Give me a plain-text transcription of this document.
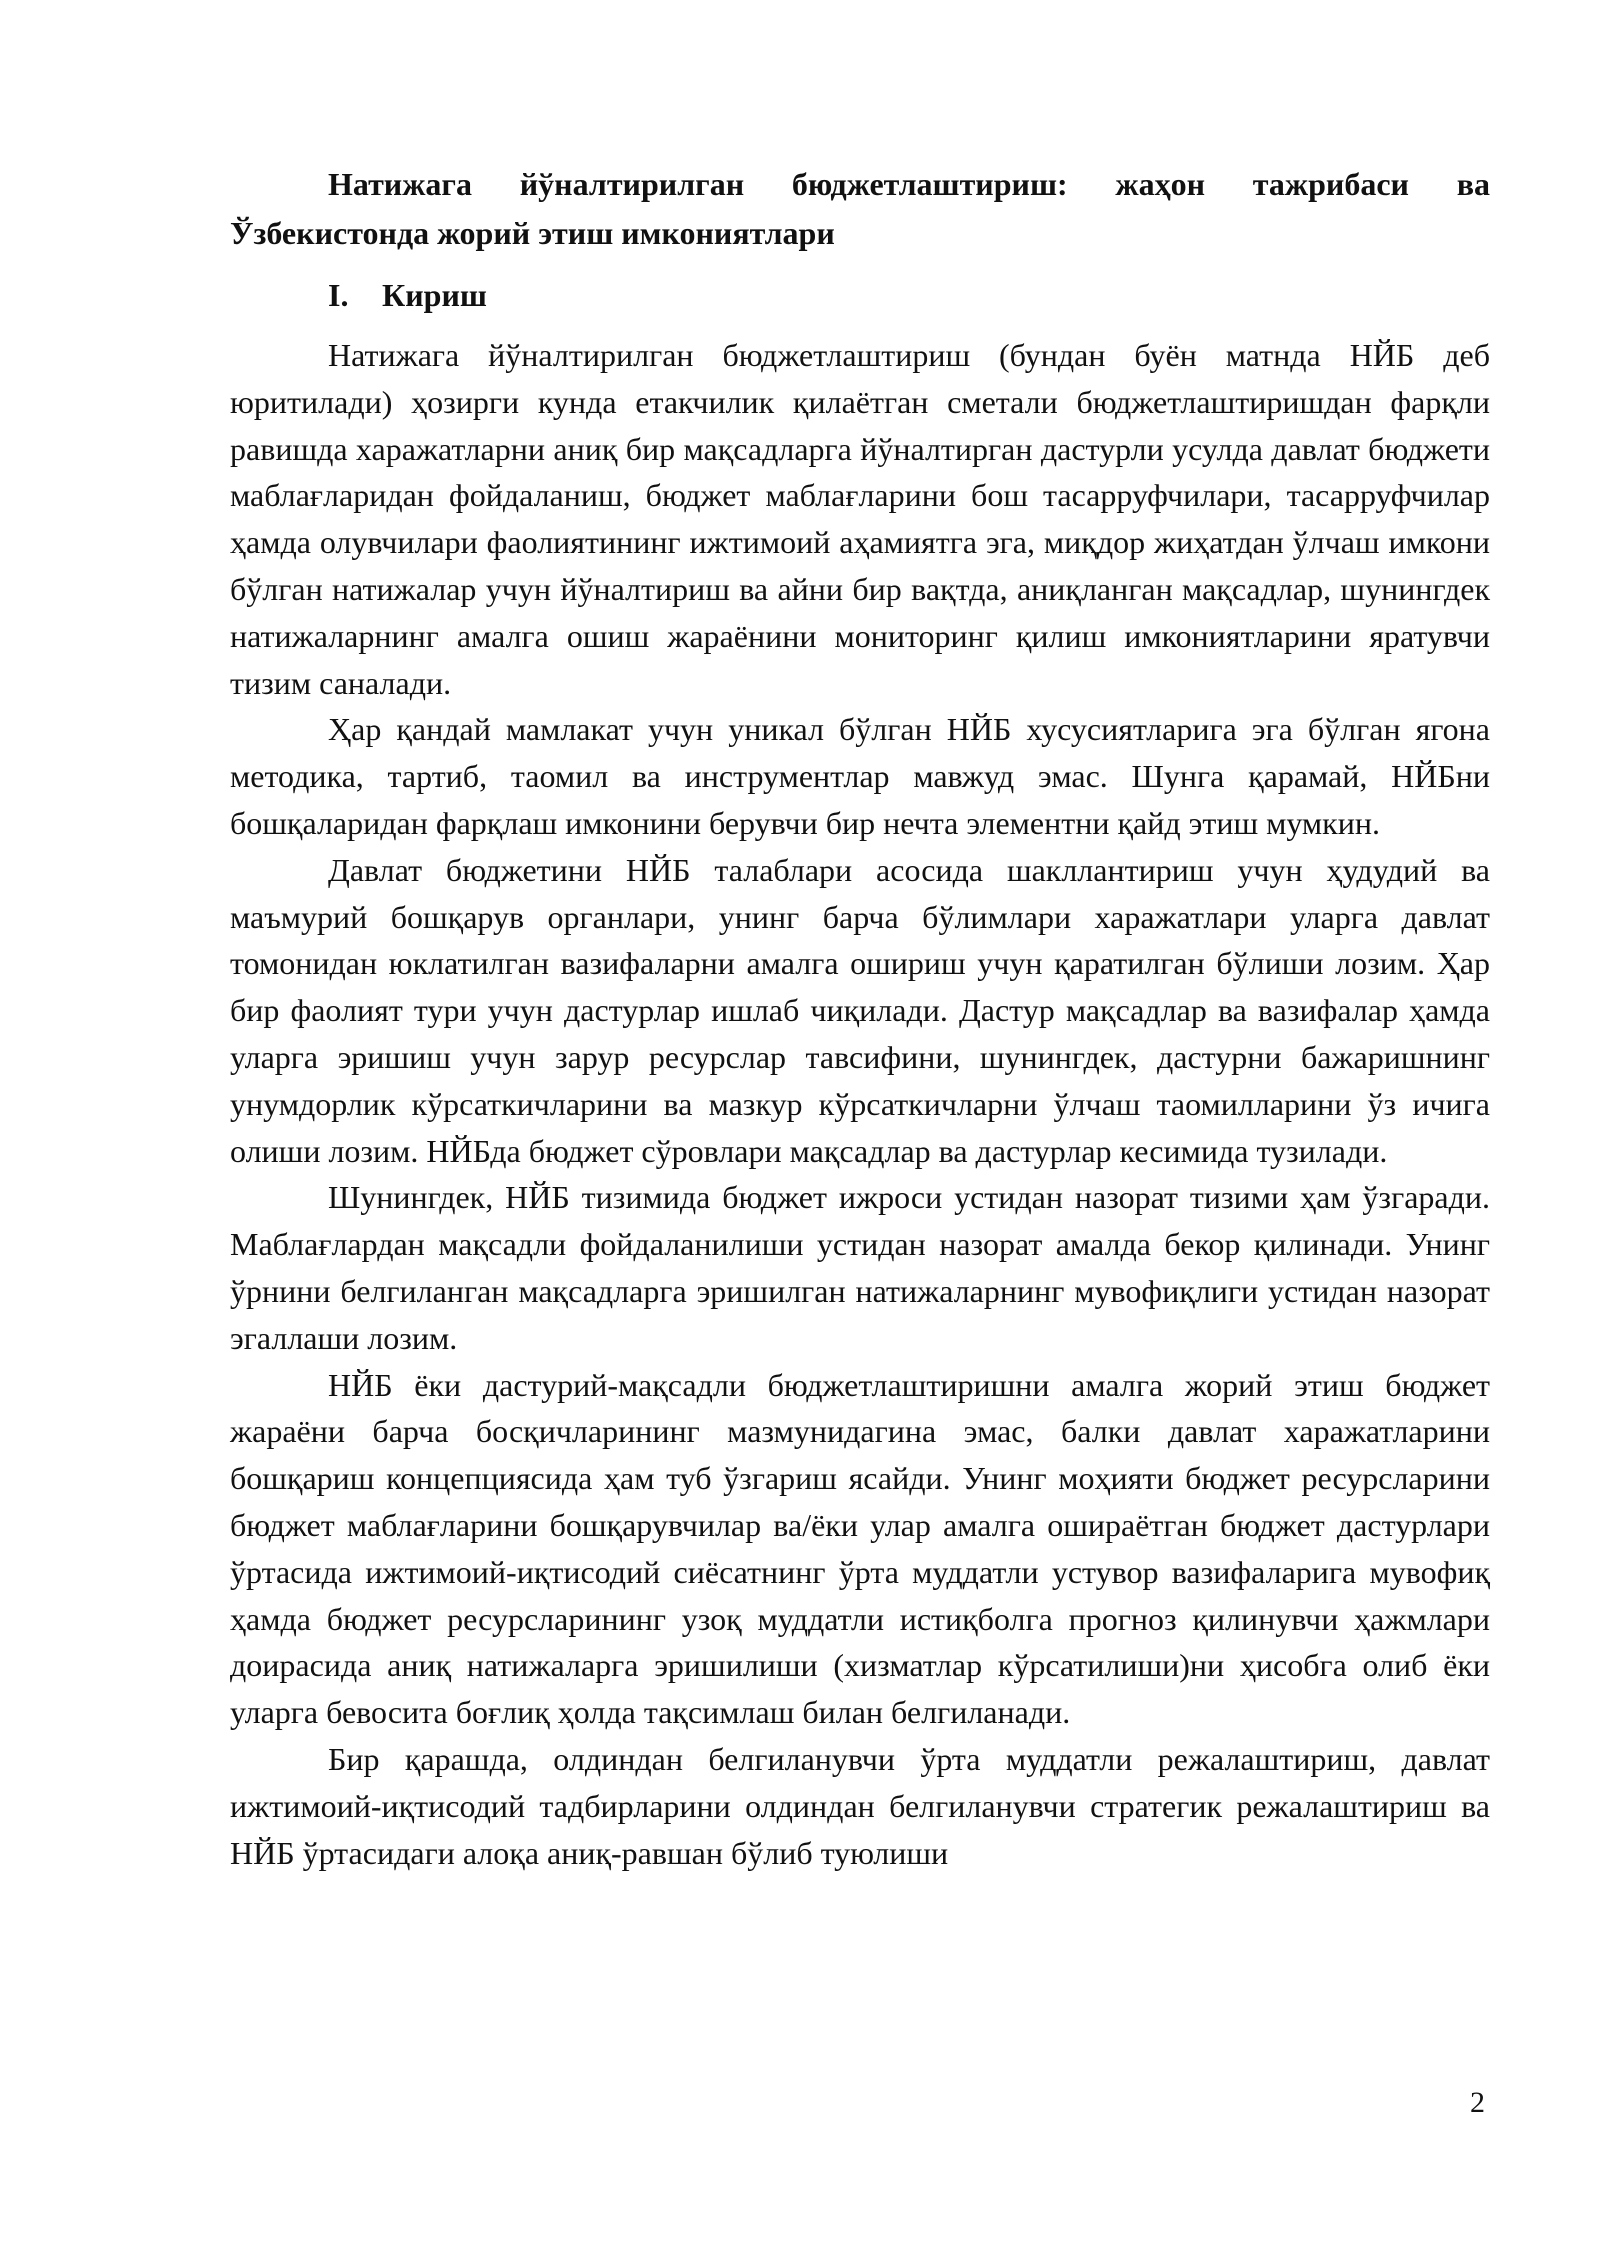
Натижага йўналтирилган бюджетлаштириш: жаҳон тажрибаси ва Ўзбекистонда жорий этиш имкониятлари
I. Кириш

Натижага йўналтирилган бюджетлаштириш (бундан буён матнда НЙБ деб юритилади) ҳозирги кунда етакчилик қилаётган сметали бюджетлаштиришдан фарқли равишда харажатларни аниқ бир мақсадларга йўналтирган дастурли усулда давлат бюджети маблағларидан фойдаланиш, бюджет маблағларини бош тасарруфчилари, тасарруфчилар ҳамда олувчилари фаолиятининг ижтимоий аҳамиятга эга, миқдор жиҳатдан ўлчаш имкони бўлган натижалар учун йўналтириш ва айни бир вақтда, аниқланган мақсадлар, шунингдек натижаларнинг амалга ошиш жараёнини мониторинг қилиш имкониятларини яратувчи тизим саналади.

Ҳар қандай мамлакат учун уникал бўлган НЙБ хусусиятларига эга бўлган ягона методика, тартиб, таомил ва инструментлар мавжуд эмас. Шунга қарамай, НЙБни бошқаларидан фарқлаш имконини берувчи бир нечта элементни қайд этиш мумкин.

Давлат бюджетини НЙБ талаблари асосида шакллантириш учун ҳудудий ва маъмурий бошқарув органлари, унинг барча бўлимлари харажатлари уларга давлат томонидан юклатилган вазифаларни амалга ошириш учун қаратилган бўлиши лозим. Ҳар бир фаолият тури учун дастурлар ишлаб чиқилади. Дастур мақсадлар ва вазифалар ҳамда уларга эришиш учун зарур ресурслар тавсифини, шунингдек, дастурни бажаришнинг унумдорлик кўрсаткичларини ва мазкур кўрсаткичларни ўлчаш таомилларини ўз ичига олиши лозим. НЙБда бюджет сўровлари мақсадлар ва дастурлар кесимида тузилади.

Шунингдек, НЙБ тизимида бюджет ижроси устидан назорат тизими ҳам ўзгаради. Маблағлардан мақсадли фойдаланилиши устидан назорат амалда бекор қилинади. Унинг ўрнини белгиланган мақсадларга эришилган натижаларнинг мувофиқлиги устидан назорат эгаллаши лозим.

НЙБ ёки дастурий-мақсадли бюджетлаштиришни амалга жорий этиш бюджет жараёни барча босқичларининг мазмунидагина эмас, балки давлат харажатларини бошқариш концепциясида ҳам туб ўзгариш ясайди. Унинг моҳияти бюджет ресурсларини бюджет маблағларини бошқарувчилар ва/ёки улар амалга ошираётган бюджет дастурлари ўртасида ижтимоий-иқтисодий сиёсатнинг ўрта муддатли устувор вазифаларига мувофиқ ҳамда бюджет ресурсларининг узоқ муддатли истиқболга прогноз қилинувчи ҳажмлари доирасида аниқ натижаларга эришилиши (хизматлар кўрсатилиши)ни ҳисобга олиб ёки уларга бевосита боғлиқ ҳолда тақсимлаш билан белгиланади.

Бир қарашда, олдиндан белгиланувчи ўрта муддатли режалаштириш, давлат ижтимоий-иқтисодий тадбирларини олдиндан белгиланувчи стратегик режалаштириш ва НЙБ ўртасидаги алоқа аниқ-равшан бўлиб туюлиши

2
